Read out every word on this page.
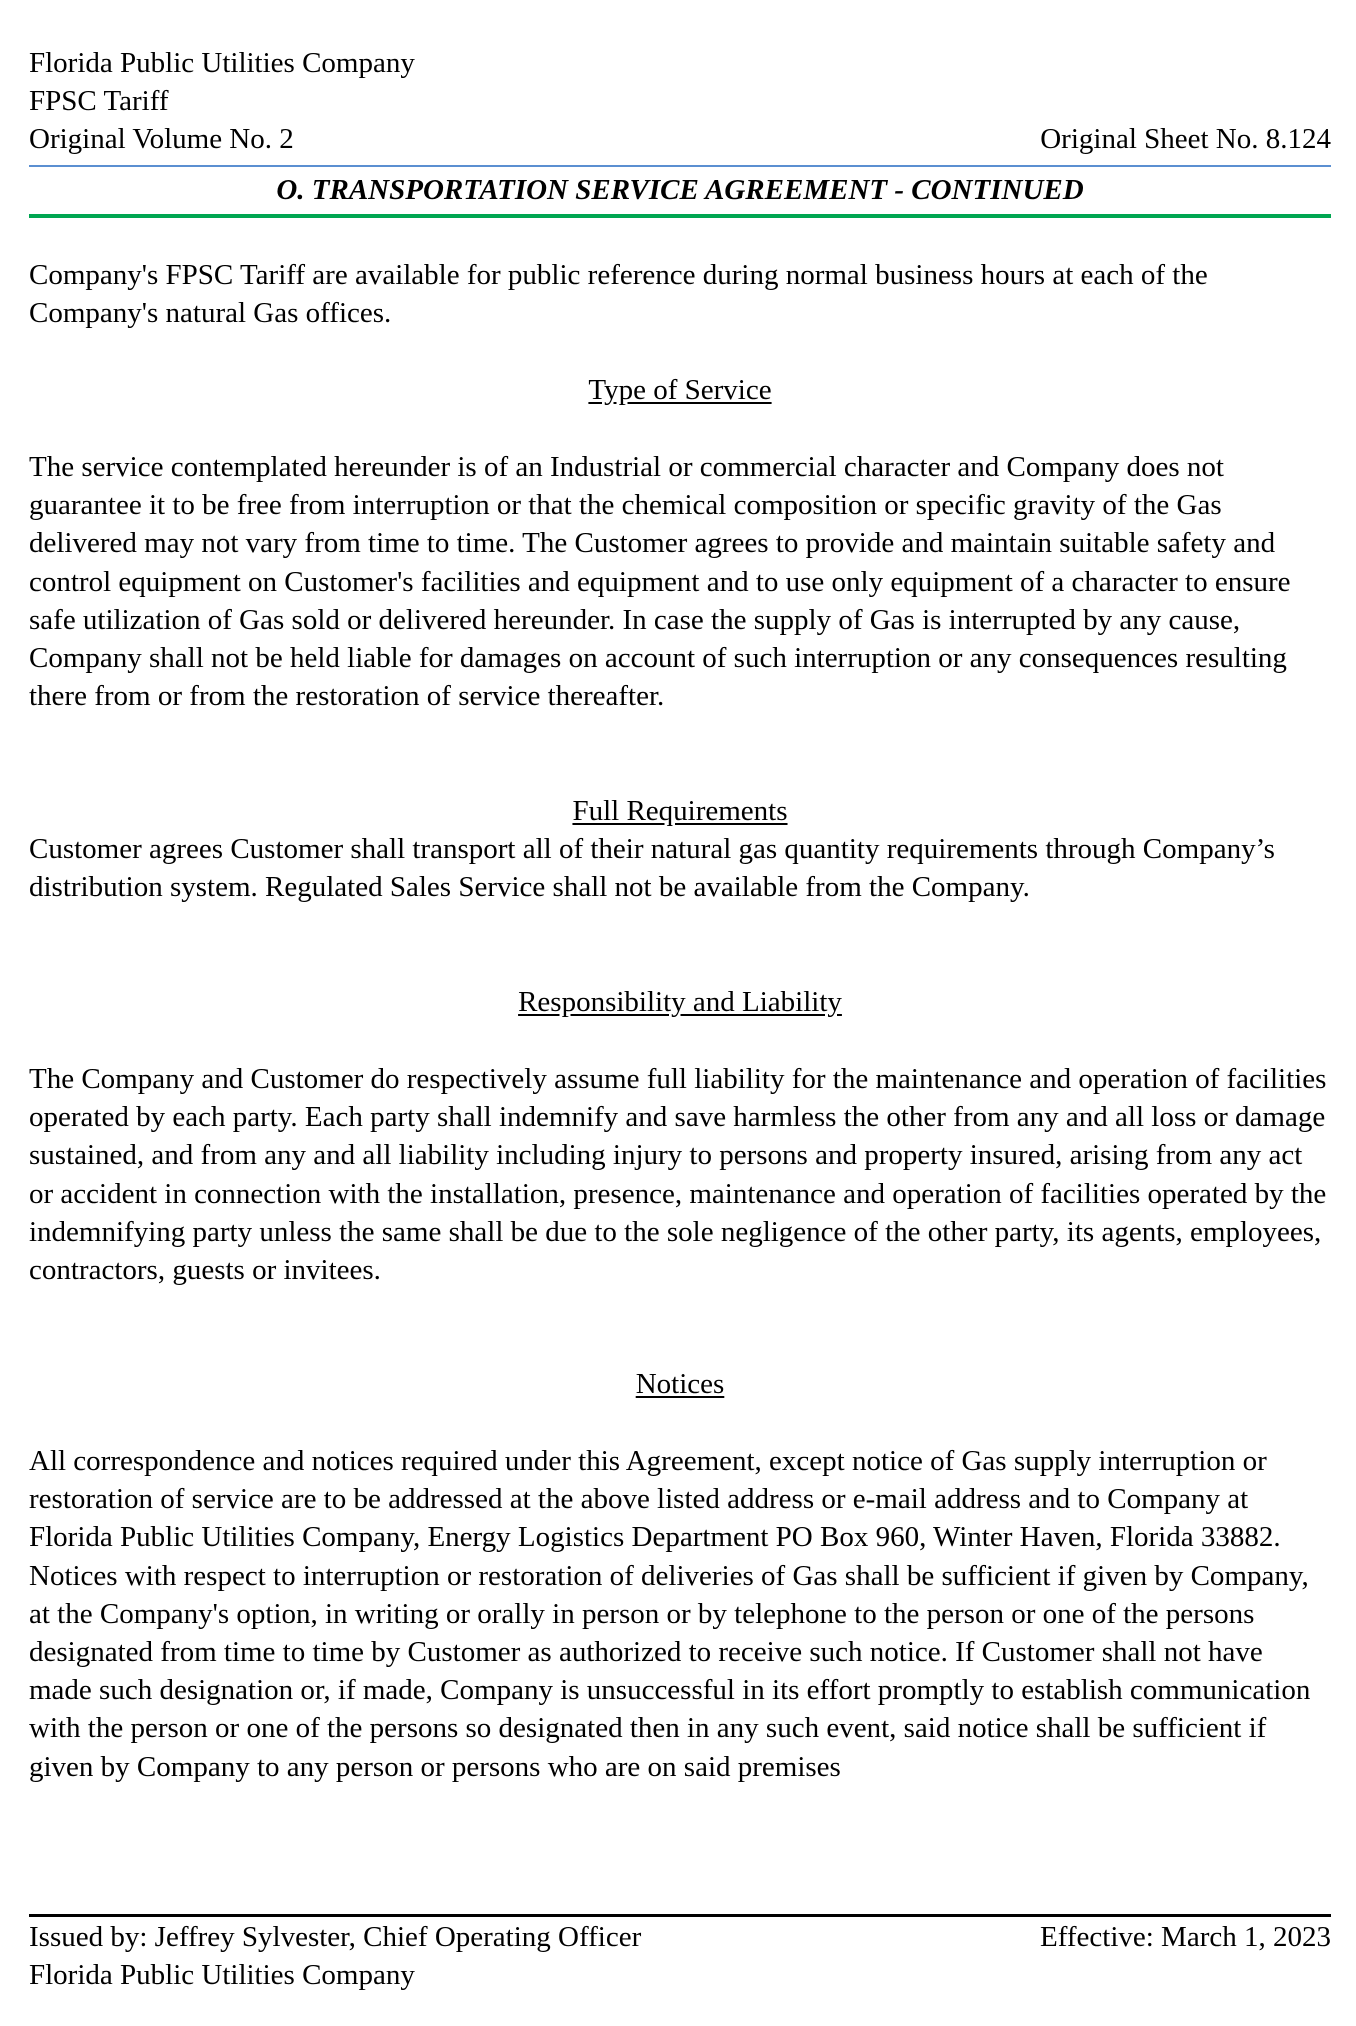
Florida Public Utilities Company
FPSC Tariff
Original Volume No. 2	Original Sheet No. 8.124
O. TRANSPORTATION SERVICE AGREEMENT - CONTINUED

Company's FPSC Tariff are available for public reference during normal business hours at each of the Company's natural Gas offices.

Type of Service

The service contemplated hereunder is of an Industrial or commercial character and Company does not guarantee it to be free from interruption or that the chemical composition or specific gravity of the Gas delivered may not vary from time to time. The Customer agrees to provide and maintain suitable safety and control equipment on Customer's facilities and equipment and to use only equipment of a character to ensure safe utilization of Gas sold or delivered hereunder. In case the supply of Gas is interrupted by any cause, Company shall not be held liable for damages on account of such interruption or any consequences resulting there from or from the restoration of service thereafter.

Full Requirements

Customer agrees Customer shall transport all of their natural gas quantity requirements through Company’s distribution system. Regulated Sales Service shall not be available from the Company.

Responsibility and Liability

The Company and Customer do respectively assume full liability for the maintenance and operation of facilities operated by each party. Each party shall indemnify and save harmless the other from any and all loss or damage sustained, and from any and all liability including injury to persons and property insured, arising from any act or accident in connection with the installation, presence, maintenance and operation of facilities operated by the indemnifying party unless the same shall be due to the sole negligence of the other party, its agents, employees, contractors, guests or invitees.

Notices

All correspondence and notices required under this Agreement, except notice of Gas supply interruption or restoration of service are to be addressed at the above listed address or e-mail address and to Company at Florida Public Utilities Company, Energy Logistics Department PO Box 960, Winter Haven, Florida 33882. Notices with respect to interruption or restoration of deliveries of Gas shall be sufficient if given by Company, at the Company's option, in writing or orally in person or by telephone to the person or one of the persons designated from time to time by Customer as authorized to receive such notice. If Customer shall not have made such designation or, if made, Company is unsuccessful in its effort promptly to establish communication with the person or one of the persons so designated then in any such event, said notice shall be sufficient if given by Company to any person or persons who are on said premises

Issued by: Jeffrey Sylvester, Chief Operating Officer	Effective: March 1, 2023
Florida Public Utilities Company
